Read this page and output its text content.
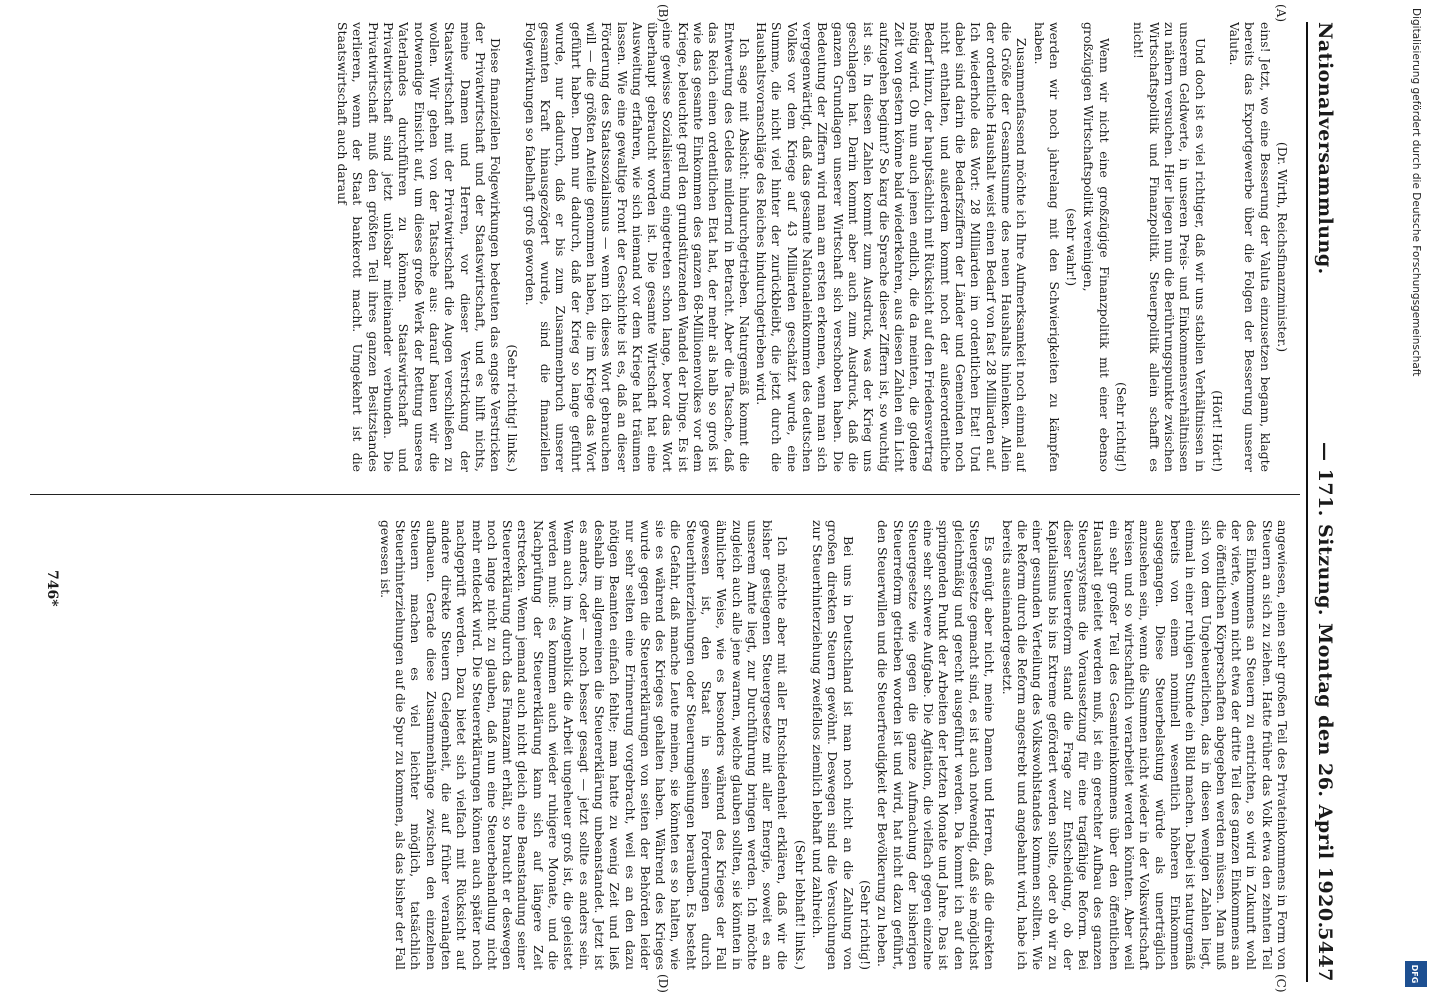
Nationalversammlung.
— 171. Sitzung. Montag den 26. April 1920.
5447
(A)
(B)
(C)
(D)

(Dr. Wirth, Reichsfinanzminister.)

eins! Jetzt, wo eine Besserung der Valuta einzusetzen begann, klagte bereits das Exportgewerbe über die Folgen der Besserung unserer Valuta.

(Hört! Hört!)

Und doch ist es viel richtiger, daß wir uns stabilen Verhältnissen in unserem Geldwerte, in unseren Preis- und Einkommensverhältnissen zu nähern versuchen. Hier liegen nun die Berührungspunkte zwischen Wirtschaftspolitik und Finanzpolitik. Steuerpolitik allein schafft es nicht!

(Sehr richtig!)

Wenn wir nicht eine großzügige Finanzpolitik mit einer ebenso großzügigen Wirtschaftspolitik vereinigen,

(sehr wahr!)

werden wir noch jahrelang mit den Schwierigkeiten zu kämpfen haben.

Zusammenfassend möchte ich Ihre Aufmerksamkeit noch einmal auf die Größe der Gesamtsumme des neuen Haushalts hinlenken. Allein der ordentliche Haushalt weist einen Bedarf von fast 28 Milliarden auf. Ich wiederhole das Wort: 28 Milliarden im ordentlichen Etat! Und dabei sind darin die Bedarfsziffern der Länder und Gemeinden noch nicht enthalten, und außerdem kommt noch der außerordentliche Bedarf hinzu, der hauptsächlich mit Rücksicht auf den Friedensvertrag nötig wird. Ob nun auch jenen endlich, die da meinten, die goldene Zeit von gestern könne bald wiederkehren, aus diesen Zahlen ein Licht aufzugehen beginnt? So karg die Sprache dieser Ziffern ist, so wuchtig ist sie. In diesen Zahlen kommt zum Ausdruck, was der Krieg uns geschlagen hat. Darin kommt aber auch zum Ausdruck, daß die ganzen Grundlagen unserer Wirtschaft sich verschoben haben. Die Bedeutung der Ziffern wird man am ersten erkennen, wenn man sich vergegenwärtigt, daß das gesamte Nationaleinkommen des deutschen Volkes vor dem Kriege auf 43 Milliarden geschätzt wurde, eine Summe, die nicht viel hinter der zurückbleibt, die jetzt durch die Haushaltsvoranschläge des Reiches hindurchgetrieben wird.

Ich sage mit Absicht: hindurchgetrieben. Naturgemäß kommt die Entwertung des Geldes mildernd in Betracht. Aber die Tatsache, daß das Reich einen ordentlichen Etat hat, der mehr als halb so groß ist wie das gesamte Einkommen des ganzen 68-Millionenvolkes vor dem Kriege, beleuchtet grell den grundstürzenden Wandel der Dinge. Es ist eine gewisse Sozialisierung eingetreten schon lange, bevor das Wort überhaupt gebraucht worden ist. Die gesamte Wirtschaft hat eine Ausweitung erfahren, wie sich niemand vor dem Kriege hat träumen lassen. Wie eine gewaltige Front der Geschichte ist es, daß an dieser Förderung des Staatssozialismus — wenn ich dieses Wort gebrauchen will — die größten Anteile genommen haben, die im Kriege das Wort geführt haben. Denn nur dadurch, daß der Krieg so lange geführt wurde, nur dadurch, daß er bis zum Zusammenbruch unserer gesamten Kraft hinausgezögert wurde, sind die finanziellen Folgewirkungen so fabelhaft groß geworden.

(Sehr richtig! links.)

Diese finanziellen Folgewirkungen bedeuten das engste Verstricken der Privatwirtschaft und der Staatswirtschaft, und es hilft nichts, meine Damen und Herren, vor dieser Verstrickung der Staatswirtschaft mit der Privatwirtschaft die Augen verschließen zu wollen. Wir gehen von der Tatsache aus: darauf bauen wir die notwendige Einsicht auf, um dieses große Werk der Rettung unseres Vaterlandes durchführen zu können. Staatswirtschaft und Privatwirtschaft sind jetzt unlösbar miteinander verbunden. Die Privatwirtschaft muß den größten Teil ihres ganzen Besitzstandes verlieren, wenn der Staat bankerott macht. Umgekehrt ist die Staatswirtschaft auch darauf

angewiesen, einen sehr großen Teil des Privateinkommens in Form von Steuern an sich zu ziehen. Hatte früher das Volk etwa den zehnten Teil des Einkommens an Steuern zu entrichten, so wird in Zukunft wohl der vierte, wenn nicht etwa der dritte Teil des ganzen Einkommens an die öffentlichen Körperschaften abgegeben werden müssen. Man muß sich von dem Ungeheuerlichen, das in diesen wenigen Zahlen liegt, einmal in einer ruhigen Stunde ein Bild machen. Dabei ist naturgemäß bereits von einem nominell wesentlich höheren Einkommen ausgegangen. Diese Steuerbelastung würde als unerträglich anzusehen sein, wenn die Summen nicht wieder in der Volkswirtschaft kreisen und so wirtschaftlich verarbeitet werden könnten. Aber weil ein sehr großer Teil des Gesamteinkommens über den öffentlichen Haushalt geleitet werden muß, ist ein gerechter Aufbau des ganzen Steuersystems die Voraussetzung für eine tragfähige Reform. Bei dieser Steuerreform stand die Frage zur Entscheidung, ob der Kapitalismus bis ins Extreme gefördert werden sollte, oder ob wir zu einer gesunden Verteilung des Volkswohlstandes kommen sollten. Wie die Reform durch die Reform angestrebt und angebahnt wird, habe ich bereits auseinandergesetzt.

Es genügt aber nicht, meine Damen und Herren, daß die direkten Steuergesetze gemacht sind, es ist auch notwendig, daß sie möglichst gleichmäßig und gerecht ausgeführt werden. Da kommt ich auf den springenden Punkt der Arbeiten der letzten Monate und Jahre. Das ist eine sehr schwere Aufgabe. Die Agitation, die vielfach gegen einzelne Steuergesetze wie gegen die ganze Aufmachung der bisherigen Steuerreform getrieben worden ist und wird, hat nicht dazu geführt, den Steuerwillen und die Steuerfreudigkeit der Bevölkerung zu heben.

(Sehr richtig!)

Bei uns in Deutschland ist man noch nicht an die Zahlung von großen direkten Steuern gewöhnt. Deswegen sind die Versuchungen zur Steuerhinterziehung zweifellos ziemlich lebhaft und zahlreich.

(Sehr lebhaft! links.)

Ich möchte aber mit aller Entschiedenheit erklären, daß wir die bisher gestiegenen Steuergesetze mit aller Energie, soweit es an unserem Amte liegt, zur Durchführung bringen werden. Ich möchte zugleich auch alle jene warnen, welche glauben sollten, sie könnten in ähnlicher Weise, wie es besonders während des Krieges der Fall gewesen ist, den Staat in seinen Forderungen durch Steuerhinterziehungen oder Steuerumgehungen berauben. Es besteht die Gefahr, daß manche Leute meinen, sie könnten es so halten, wie sie es während des Krieges gehalten haben. Während des Krieges wurde gegen die Steuererklärungen von seiten der Behörden leider nur sehr selten eine Erinnerung vorgebracht, weil es an den dazu nötigen Beamten einfach fehlte; man hatte zu wenig Zeit und ließ deshalb im allgemeinen die Steuererklärung unbeanstandet. Jetzt ist es anders, oder — noch besser gesagt — jetzt sollte es anders sein. Wenn auch im Augenblick die Arbeit ungeheuer groß ist, die geleistet werden muß: es kommen auch wieder ruhigere Monate, und die Nachprüfung der Steuererklärung kann sich auf längere Zeit erstrecken. Wenn jemand auch nicht gleich eine Beanstandung seiner Steuererklärung durch das Finanzamt erhält, so braucht er deswegen noch lange nicht zu glauben, daß nun eine Steuerbehandlung nicht mehr entdeckt wird. Die Steuererklärungen können auch später noch nachgeprüft werden. Dazu bietet sich vielfach mit Rücksicht auf andere direkte Steuern Gelegenheit, die auf früher veranlagten aufbauen. Gerade diese Zusammenhänge zwischen den einzelnen Steuern machen es viel leichter möglich, tatsächlich Steuerhinterziehungen auf die Spur zu kommen, als das bisher der Fall gewesen ist.

746*
Digitalisierung gefördert durch die Deutsche Forschungsgemeinschaft
DFG
